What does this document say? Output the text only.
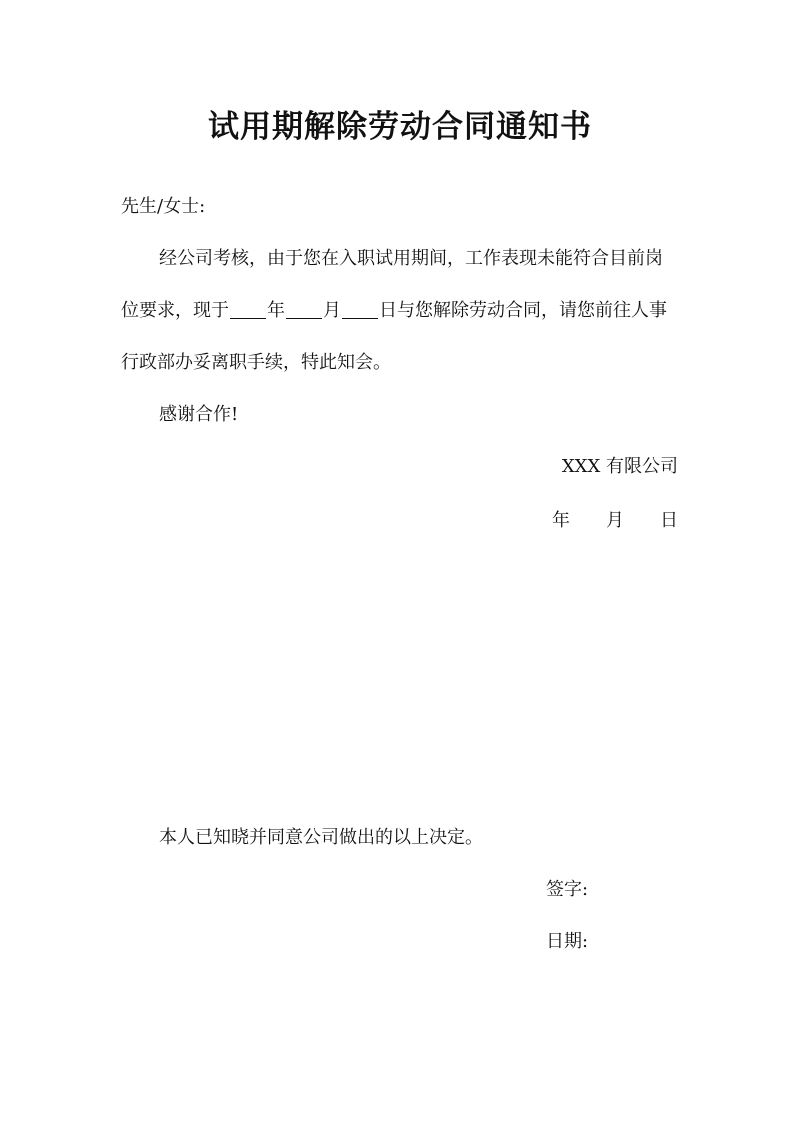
试用期解除劳动合同通知书
先生/女士:
经公司考核，由于您在入职试用期间，工作表现未能符合目前岗
位要求，现于 年 月 日与您解除劳动合同，请您前往人事
行政部办妥离职手续，特此知会。
感谢合作!
XXX 有限公司
年 月 日
本人已知晓并同意公司做出的以上决定。
签字:
日期:
